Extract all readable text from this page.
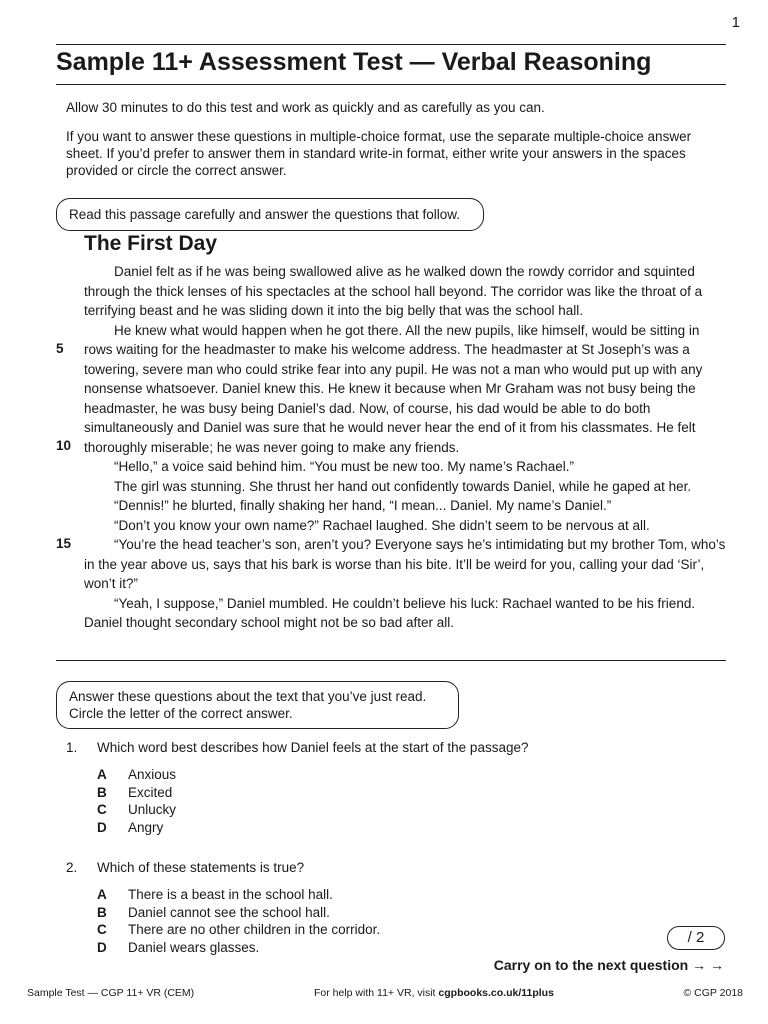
1
Sample 11+ Assessment Test — Verbal Reasoning
Allow 30 minutes to do this test and work as quickly and as carefully as you can.
If you want to answer these questions in multiple-choice format, use the separate multiple-choice answer sheet. If you’d prefer to answer them in standard write-in format, either write your answers in the spaces provided or circle the correct answer.
Read this passage carefully and answer the questions that follow.
The First Day

Daniel felt as if he was being swallowed alive as he walked down the rowdy corridor and squinted through the thick lenses of his spectacles at the school hall beyond. The corridor was like the throat of a terrifying beast and he was sliding down it into the big belly that was the school hall.

He knew what would happen when he got there. All the new pupils, like himself, would be sitting in rows waiting for the headmaster to make his welcome address. The headmaster at St Joseph’s was a towering, severe man who could strike fear into any pupil. He was not a man who would put up with any nonsense whatsoever. Daniel knew this. He knew it because when Mr Graham was not busy being the headmaster, he was busy being Daniel’s dad. Now, of course, his dad would be able to do both simultaneously and Daniel was sure that he would never hear the end of it from his classmates. He felt thoroughly miserable; he was never going to make any friends.

“Hello,” a voice said behind him. “You must be new too. My name’s Rachael.”

The girl was stunning. She thrust her hand out confidently towards Daniel, while he gaped at her.

“Dennis!” he blurted, finally shaking her hand, “I mean... Daniel. My name’s Daniel.”

“Don’t you know your own name?” Rachael laughed. She didn’t seem to be nervous at all.

“You’re the head teacher’s son, aren’t you? Everyone says he’s intimidating but my brother Tom, who’s in the year above us, says that his bark is worse than his bite. It’ll be weird for you, calling your dad ‘Sir’, won’t it?”

“Yeah, I suppose,” Daniel mumbled. He couldn’t believe his luck: Rachael wanted to be his friend. Daniel thought secondary school might not be so bad after all.

5
10
15
Answer these questions about the text that you’ve just read. Circle the letter of the correct answer.
1. Which word best describes how Daniel feels at the start of the passage?
A Anxious
B Excited
C Unlucky
D Angry
2. Which of these statements is true?
A There is a beast in the school hall.
B Daniel cannot see the school hall.
C There are no other children in the corridor.
D Daniel wears glasses.
/ 2
Carry on to the next question → →
Sample Test — CGP 11+ VR (CEM)	For help with 11+ VR, visit cgpbooks.co.uk/11plus	© CGP 2018
